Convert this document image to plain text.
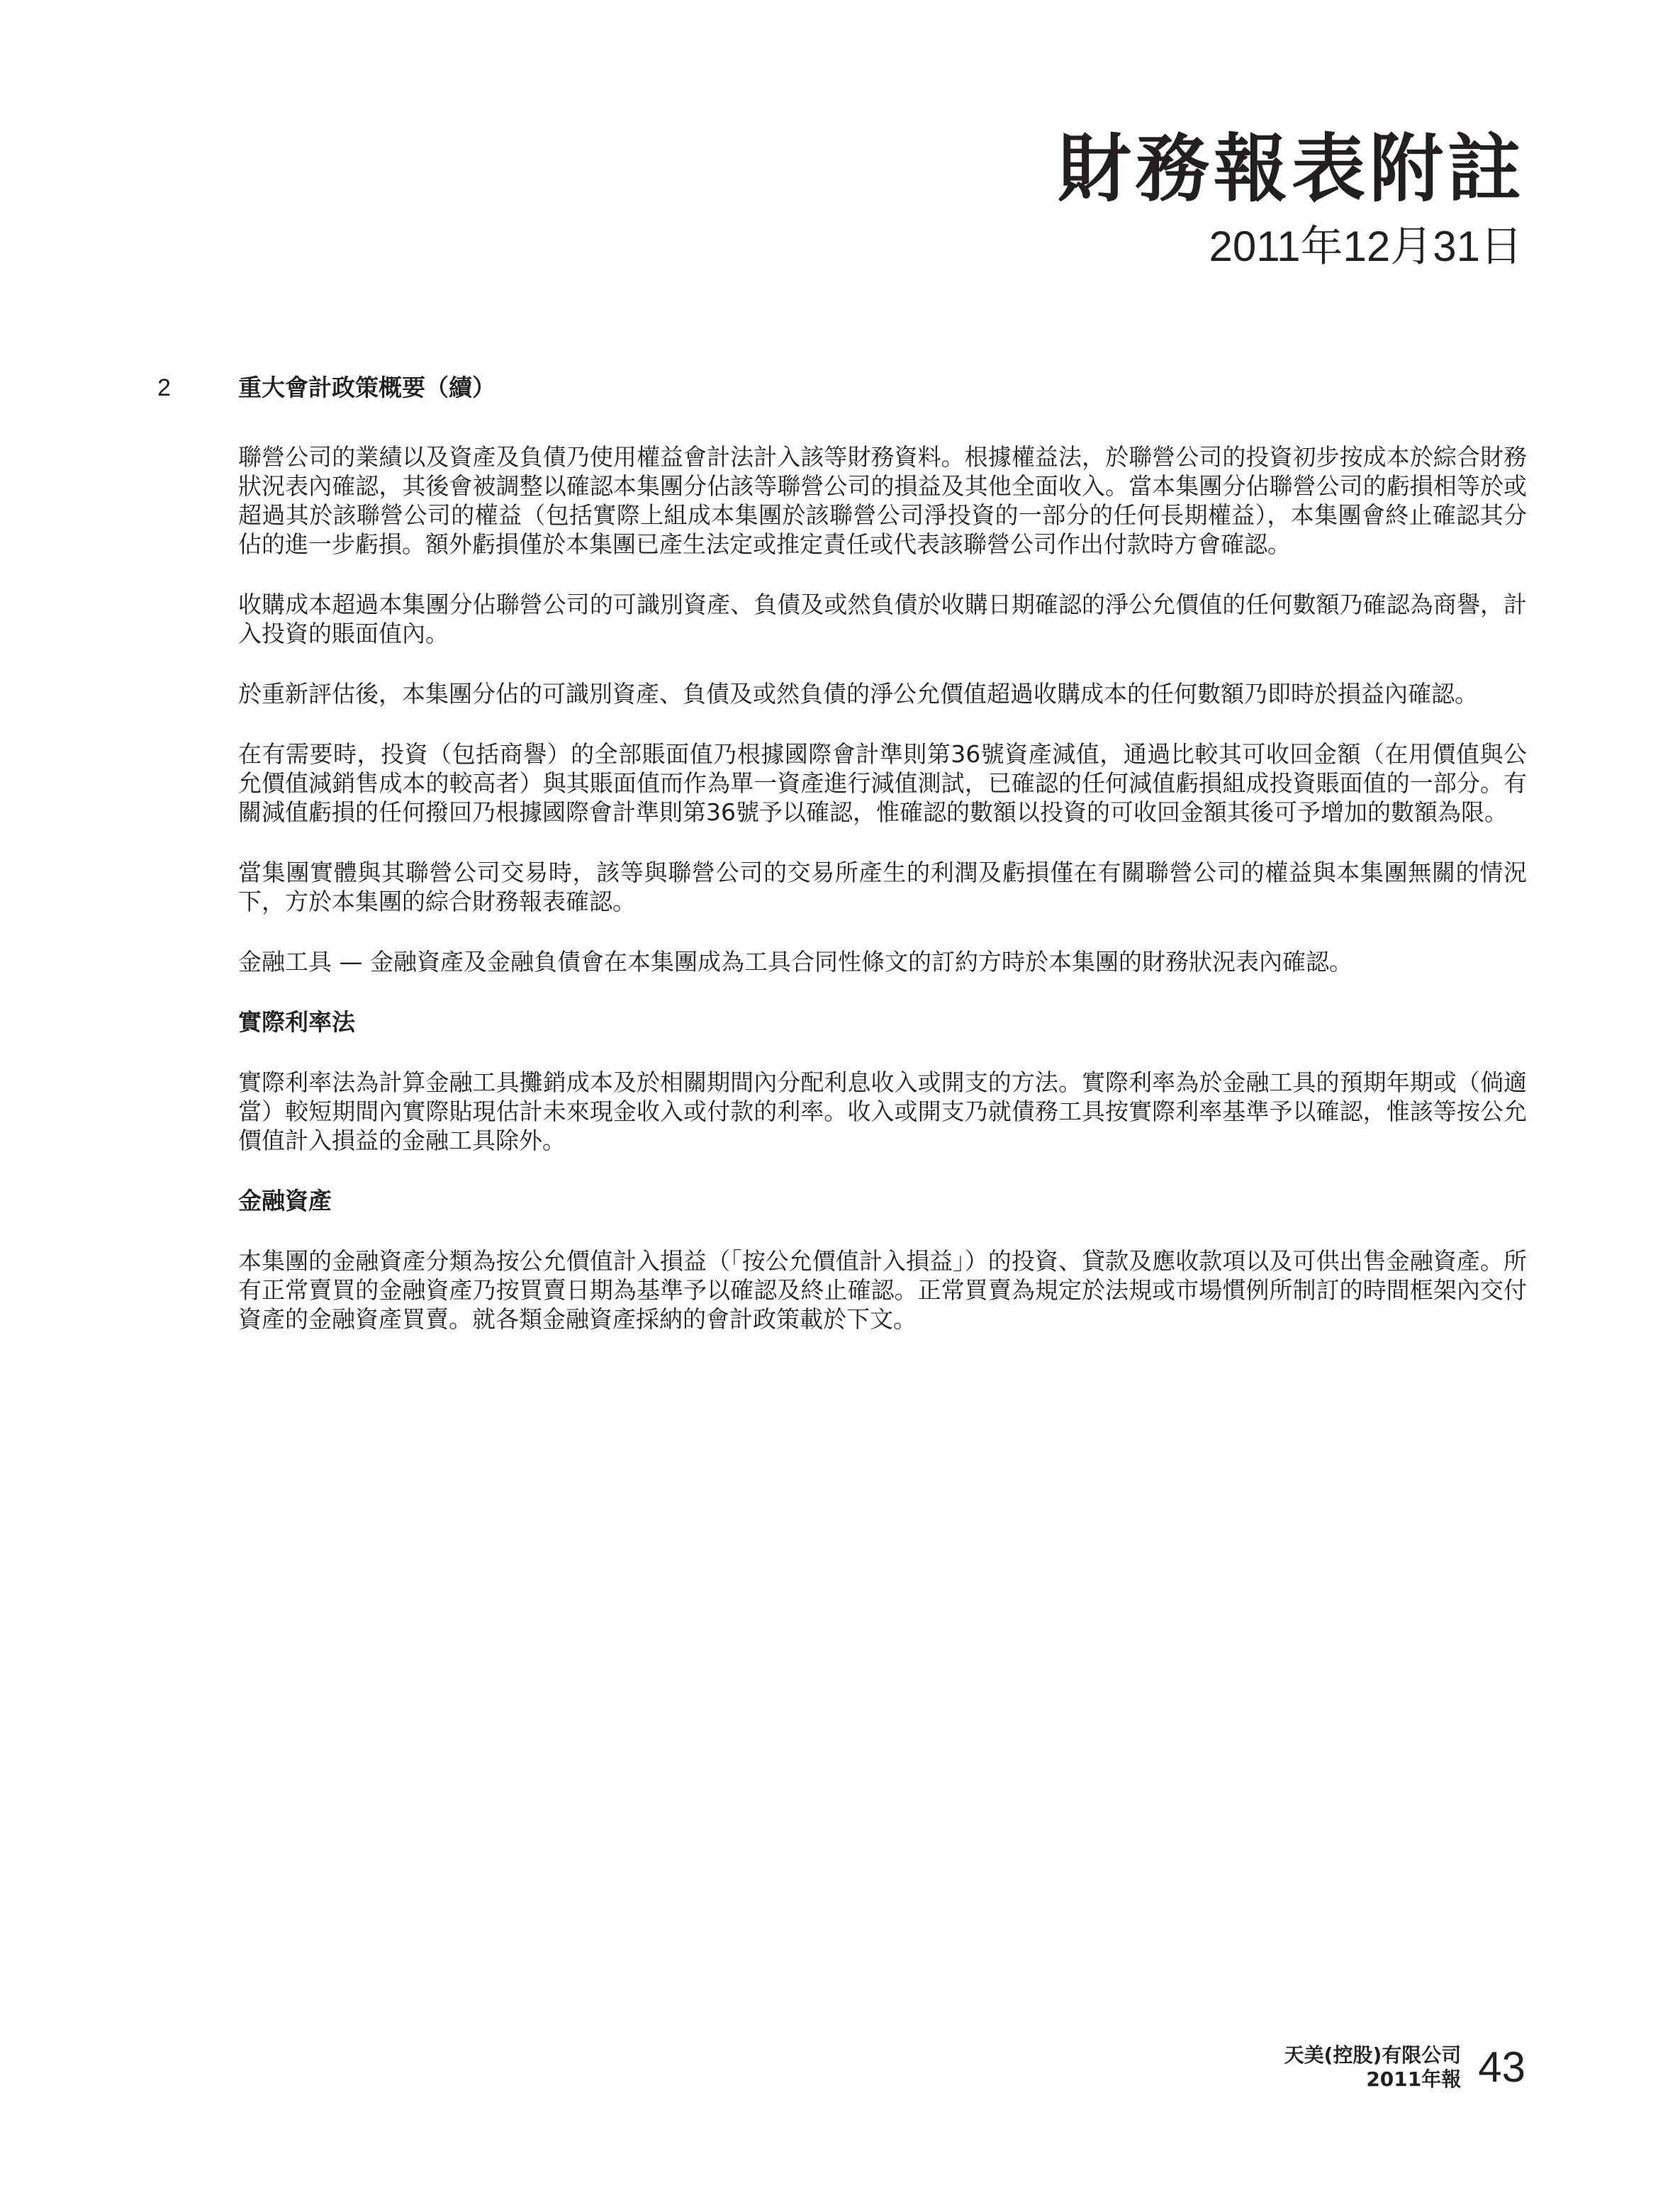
財務報表附註
2011年12月31日
2	重大會計政策概要（續）

聯營公司的業績以及資產及負債乃使用權益會計法計入該等財務資料。根據權益法，於聯營公司的投資初步按成本於綜合財務狀況表內確認，其後會被調整以確認本集團分佔該等聯營公司的損益及其他全面收入。當本集團分佔聯營公司的虧損相等於或超過其於該聯營公司的權益（包括實際上組成本集團於該聯營公司淨投資的一部分的任何長期權益），本集團會終止確認其分佔的進一步虧損。額外虧損僅於本集團已產生法定或推定責任或代表該聯營公司作出付款時方會確認。

收購成本超過本集團分佔聯營公司的可識別資產、負債及或然負債於收購日期確認的淨公允價值的任何數額乃確認為商譽，計入投資的賬面值內。

於重新評估後，本集團分佔的可識別資產、負債及或然負債的淨公允價值超過收購成本的任何數額乃即時於損益內確認。

在有需要時，投資（包括商譽）的全部賬面值乃根據國際會計準則第36號資產減值，通過比較其可收回金額（在用價值與公允價值減銷售成本的較高者）與其賬面值而作為單一資產進行減值測試，已確認的任何減值虧損組成投資賬面值的一部分。有關減值虧損的任何撥回乃根據國際會計準則第36號予以確認，惟確認的數額以投資的可收回金額其後可予增加的數額為限。

當集團實體與其聯營公司交易時，該等與聯營公司的交易所產生的利潤及虧損僅在有關聯營公司的權益與本集團無關的情況下，方於本集團的綜合財務報表確認。

金融工具 — 金融資產及金融負債會在本集團成為工具合同性條文的訂約方時於本集團的財務狀況表內確認。

實際利率法

實際利率法為計算金融工具攤銷成本及於相關期間內分配利息收入或開支的方法。實際利率為於金融工具的預期年期或（倘適當）較短期間內實際貼現估計未來現金收入或付款的利率。收入或開支乃就債務工具按實際利率基準予以確認，惟該等按公允價值計入損益的金融工具除外。

金融資產

本集團的金融資產分類為按公允價值計入損益（「按公允價值計入損益」）的投資、貸款及應收款項以及可供出售金融資產。所有正常賣買的金融資產乃按買賣日期為基準予以確認及終止確認。正常買賣為規定於法規或市場慣例所制訂的時間框架內交付資產的金融資產買賣。就各類金融資產採納的會計政策載於下文。

天美(控股)有限公司
2011年報 43
